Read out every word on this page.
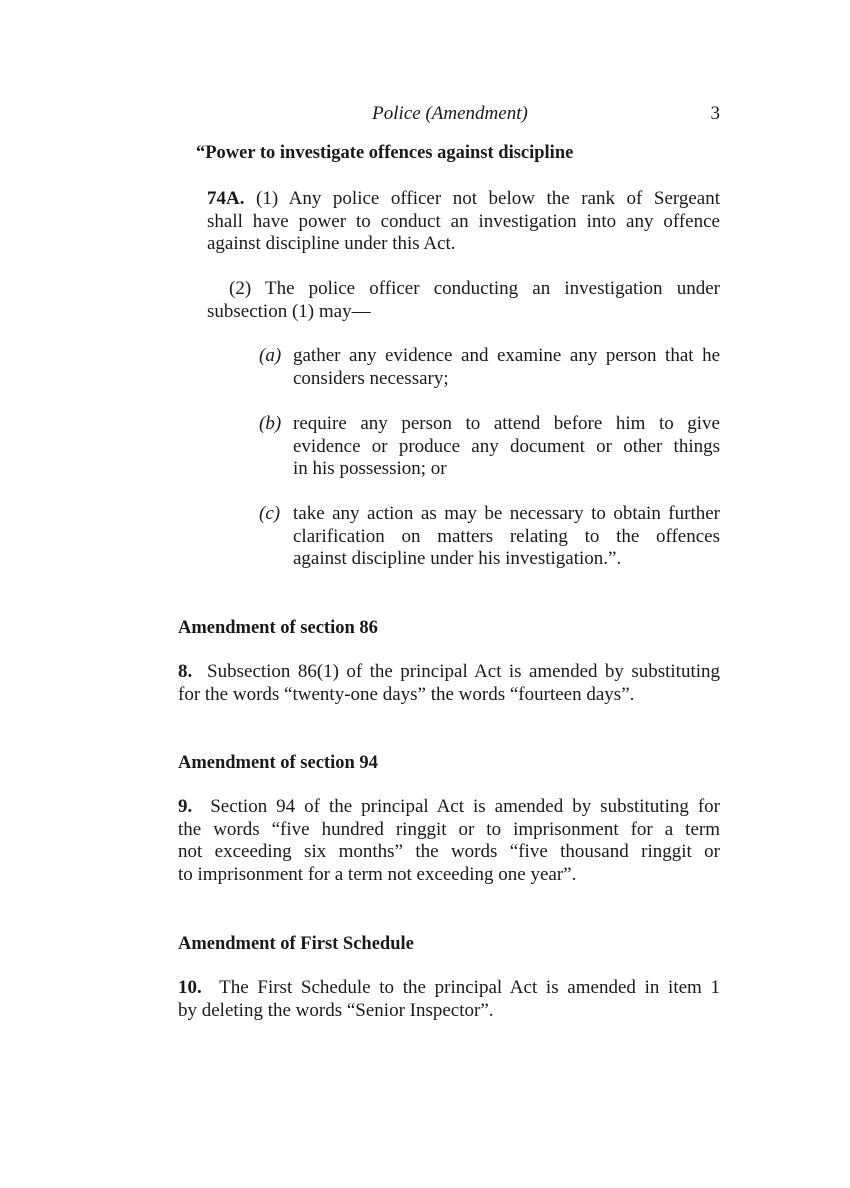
Police (Amendment)	3
“Power to investigate offences against discipline
74A. (1) Any police officer not below the rank of Sergeant
shall have power to conduct an investigation into any offence
against discipline under this Act.
(2) The police officer conducting an investigation under
subsection (1) may—
(a) gather any evidence and examine any person that he
considers necessary;
(b) require any person to attend before him to give
evidence or produce any document or other things
in his possession; or
(c) take any action as may be necessary to obtain further
clarification on matters relating to the offences
against discipline under his investigation.”.
Amendment of section 86
8. Subsection 86(1) of the principal Act is amended by substituting
for the words “twenty-one days” the words “fourteen days”.
Amendment of section 94
9. Section 94 of the principal Act is amended by substituting for
the words “five hundred ringgit or to imprisonment for a term
not exceeding six months” the words “five thousand ringgit or
to imprisonment for a term not exceeding one year”.
Amendment of First Schedule
10. The First Schedule to the principal Act is amended in item 1
by deleting the words “Senior Inspector”.
